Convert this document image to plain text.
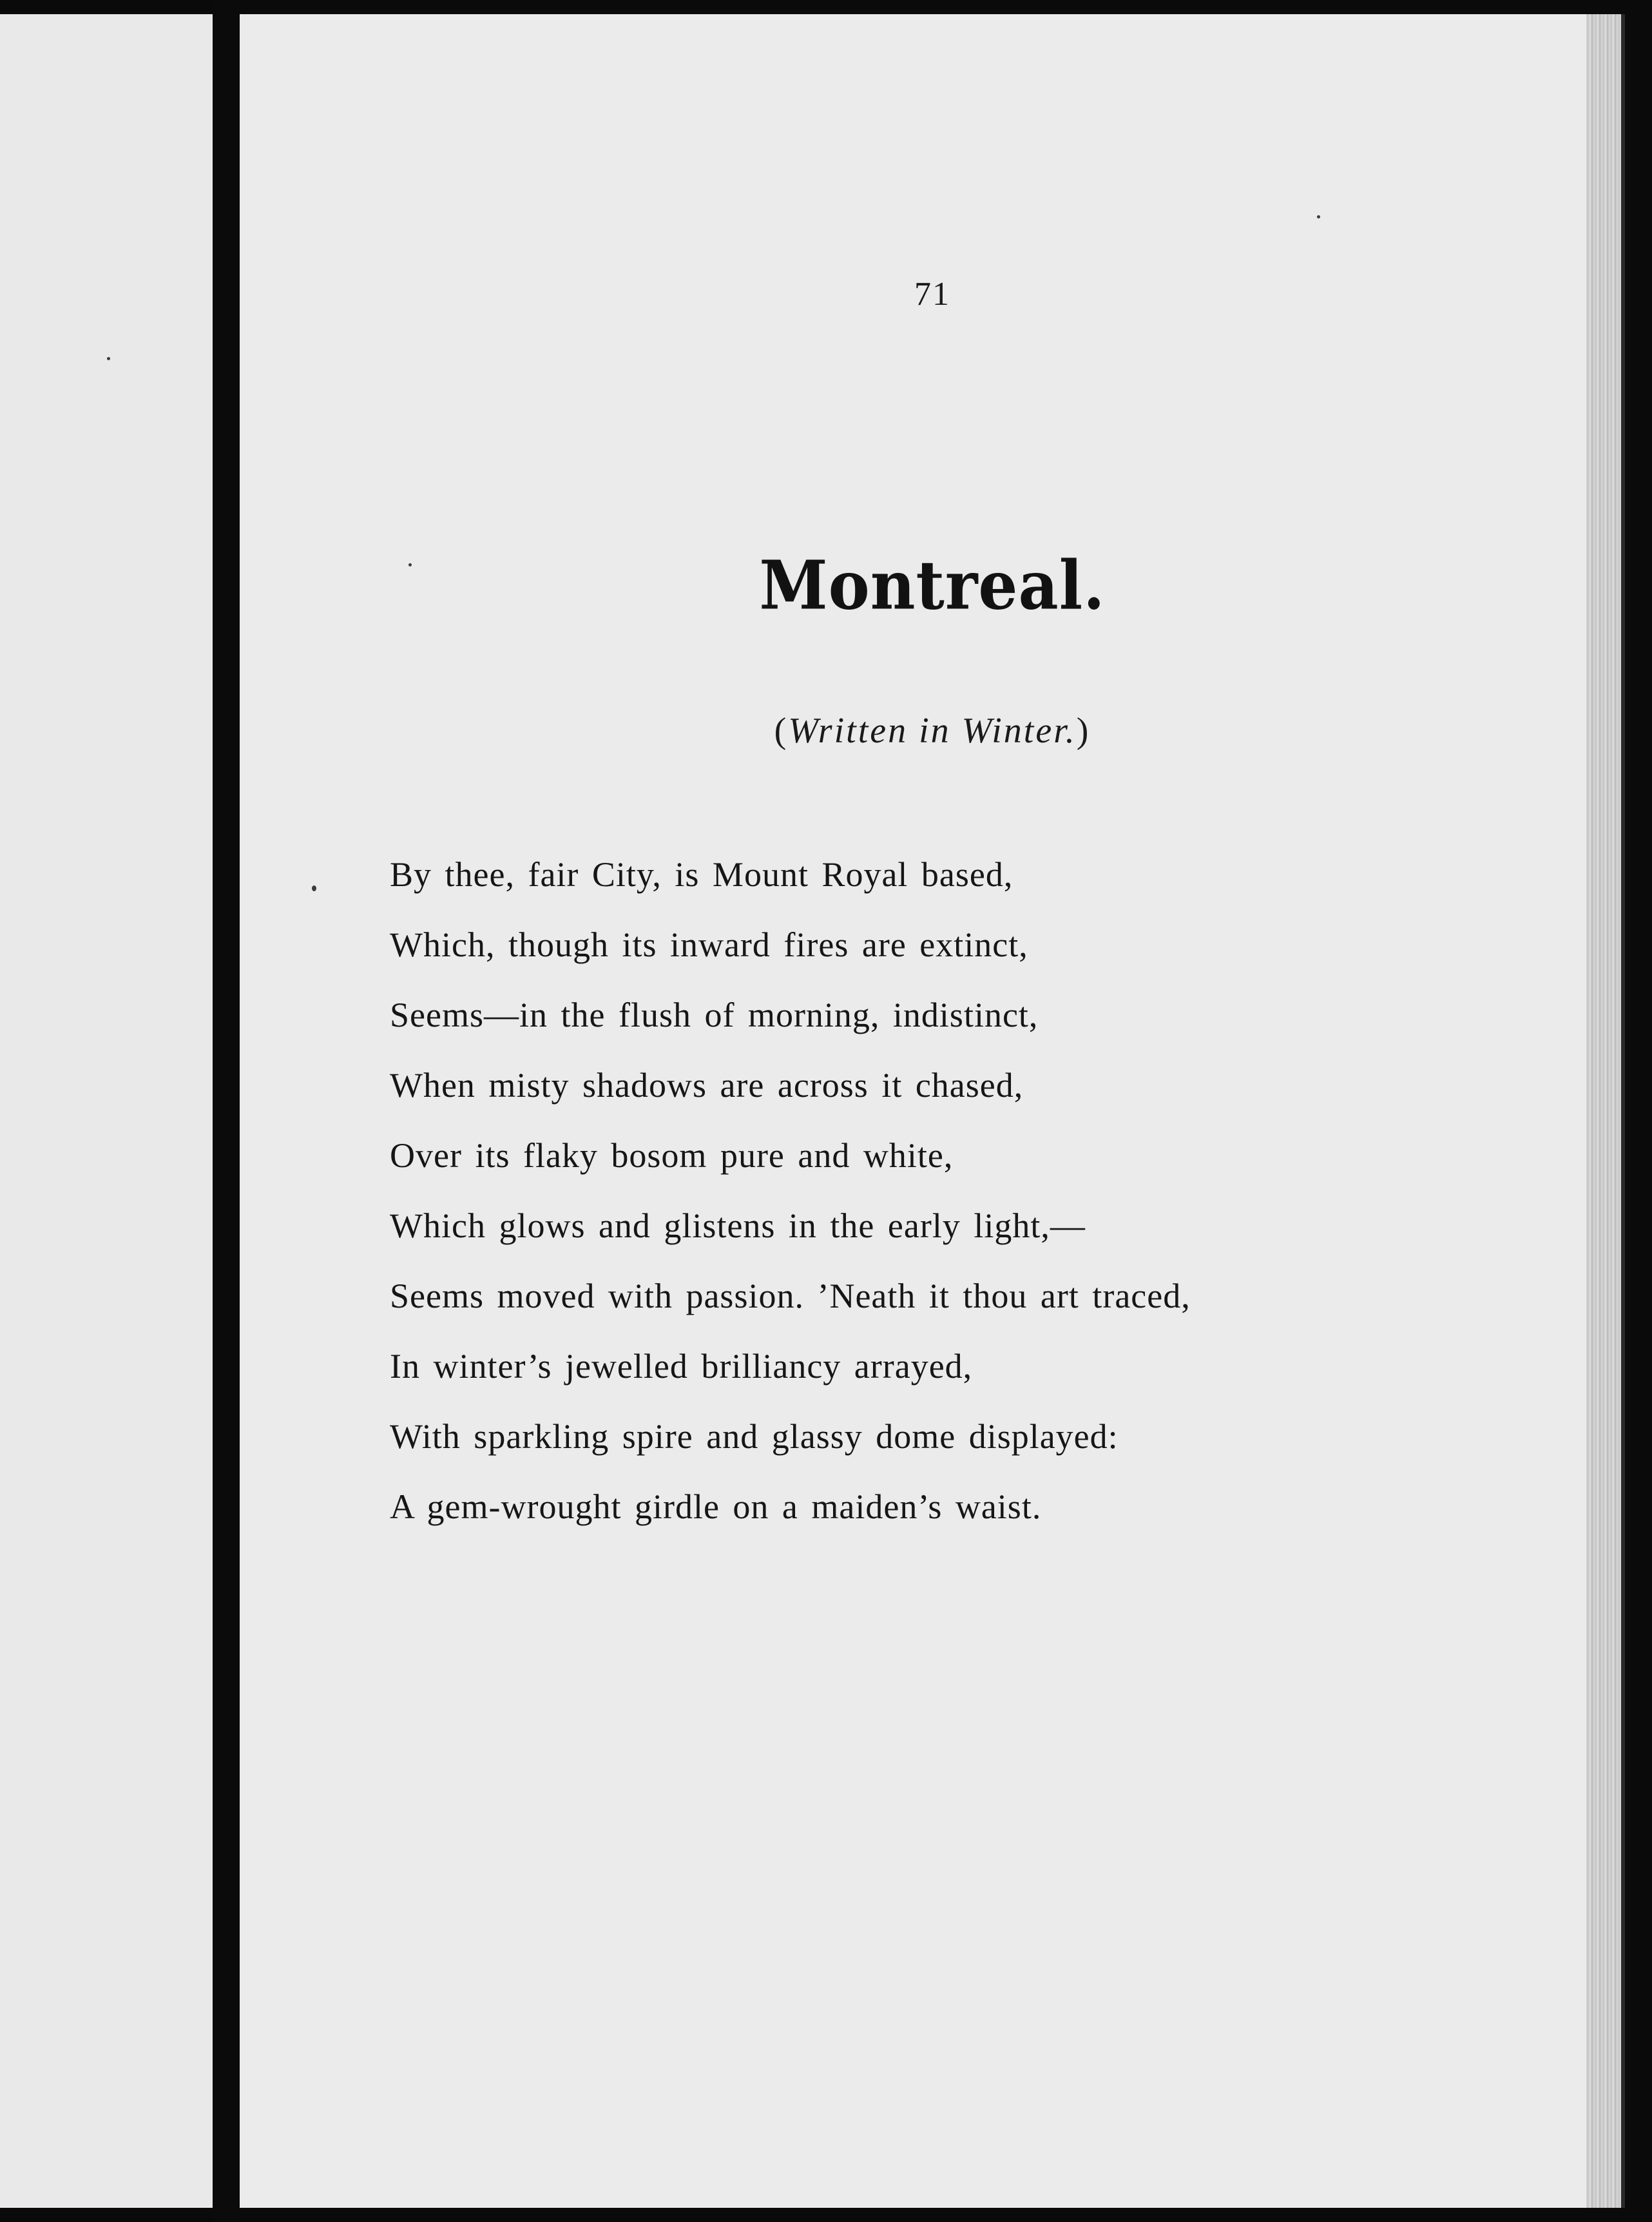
71
Montreal.
(Written in Winter.)
By thee, fair City, is Mount Royal based,
Which, though its inward fires are extinct,
Seems—in the flush of morning, indistinct,
When misty shadows are across it chased,
Over its flaky bosom pure and white,
Which glows and glistens in the early light,—
Seems moved with passion. ’Neath it thou art traced,
In winter’s jewelled brilliancy arrayed,
With sparkling spire and glassy dome displayed:
A gem-wrought girdle on a maiden’s waist.
